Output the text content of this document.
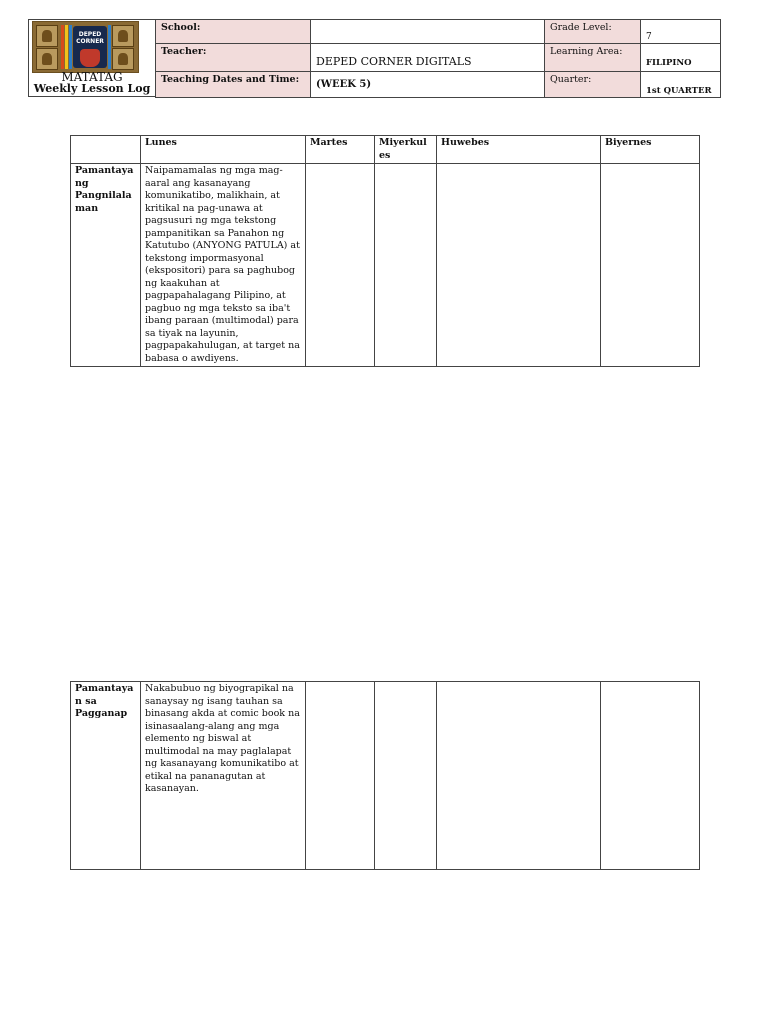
DEPED CORNER
MATATAG
Weekly Lesson Log
School:		Grade Level:	7

Teacher:	DEPED CORNER DIGITALS	Learning Area:	FILIPINO

Teaching Dates and Time:	(WEEK 5)	Quarter:	1st QUARTER
	Lunes	Martes	Miyerkules	Huwebes	Biyernes
Pamantayang Pangnilalaman	Naipamamalas ng mga mag-aaral ang kasanayang komunikatibo, malikhain, at kritikal na pag-unawa at pagsusuri ng mga tekstong pampanitikan sa Panahon ng Katutubo (ANYONG PATULA) at tekstong impormasyonal (ekspositori) para sa paghubog ng kaakuhan at pagpapahalagang Pilipino, at pagbuo ng mga teksto sa iba't ibang paraan (multimodal) para sa tiyak na layunin, pagpapakahulugan, at target na babasa o awdiyens.				
Pamantayan sa Pagganap	Nakabubuo ng biyograpikal na sanaysay ng isang tauhan sa binasang akda at comic book na isinasaalang-alang ang mga elemento ng biswal at multimodal na may paglalapat ng kasanayang komunikatibo at etikal na pananagutan at kasanayan.				
